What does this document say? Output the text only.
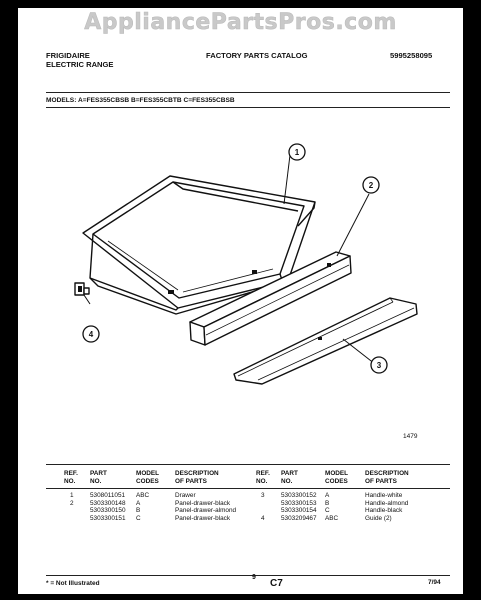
AppliancePartsPros.com
FRIGIDAIRE
ELECTRIC RANGE
FACTORY PARTS CATALOG	5995258095
MODELS: A=FES355CBSB B=FES355CBTB C=FES355CBSB
1
2
3
4
1479
REF.
NO.
PART
NO.
MODEL
CODES
DESCRIPTION
OF PARTS
REF.
NO.
PART
NO.
MODEL
CODES
DESCRIPTION
OF PARTS
1
2

5308011051
5303300148
5303300150
5303300151
ABC
A
B
C
Drawer
Panel-drawer-black
Panel-drawer-almond
Panel-drawer-black
3

4
5303300152
5303300153
5303300154
5303209467
A
B
C
ABC
Handle-white
Handle-almond
Handle-black
Guide (2)
* = Not Illustrated
9
C7	7/94
